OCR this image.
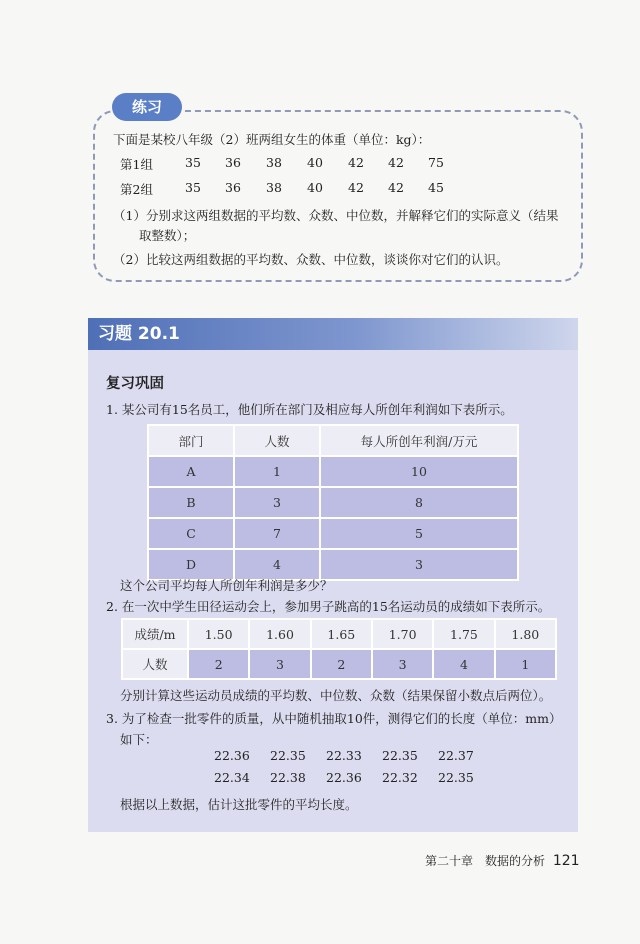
练习
下面是某校八年级（2）班两组女生的体重（单位：kg）：
第1组	35	36	38	40	42	42	75
第2组	35	36	38	40	42	42	45
（1）分别求这两组数据的平均数、众数、中位数，并解释它们的实际意义（结果
取整数）；
（2）比较这两组数据的平均数、众数、中位数，谈谈你对它们的认识。
习题 20.1
复习巩固
1. 某公司有15名员工，他们所在部门及相应每人所创年利润如下表所示。
部门	人数	每人所创年利润/万元
A	1	10
B	3	8
C	7	5
D	4	3
这个公司平均每人所创年利润是多少？
2. 在一次中学生田径运动会上，参加男子跳高的15名运动员的成绩如下表所示。
成绩/m	1.50	1.60	1.65	1.70	1.75	1.80
人数	2	3	2	3	4	1
分别计算这些运动员成绩的平均数、中位数、众数（结果保留小数点后两位）。
3. 为了检查一批零件的质量，从中随机抽取10件，测得它们的长度（单位：mm）
如下：
22.36 22.35 22.33 22.35 22.37
22.34 22.38 22.36 22.32 22.35
根据以上数据，估计这批零件的平均长度。
第二十章　数据的分析 121
